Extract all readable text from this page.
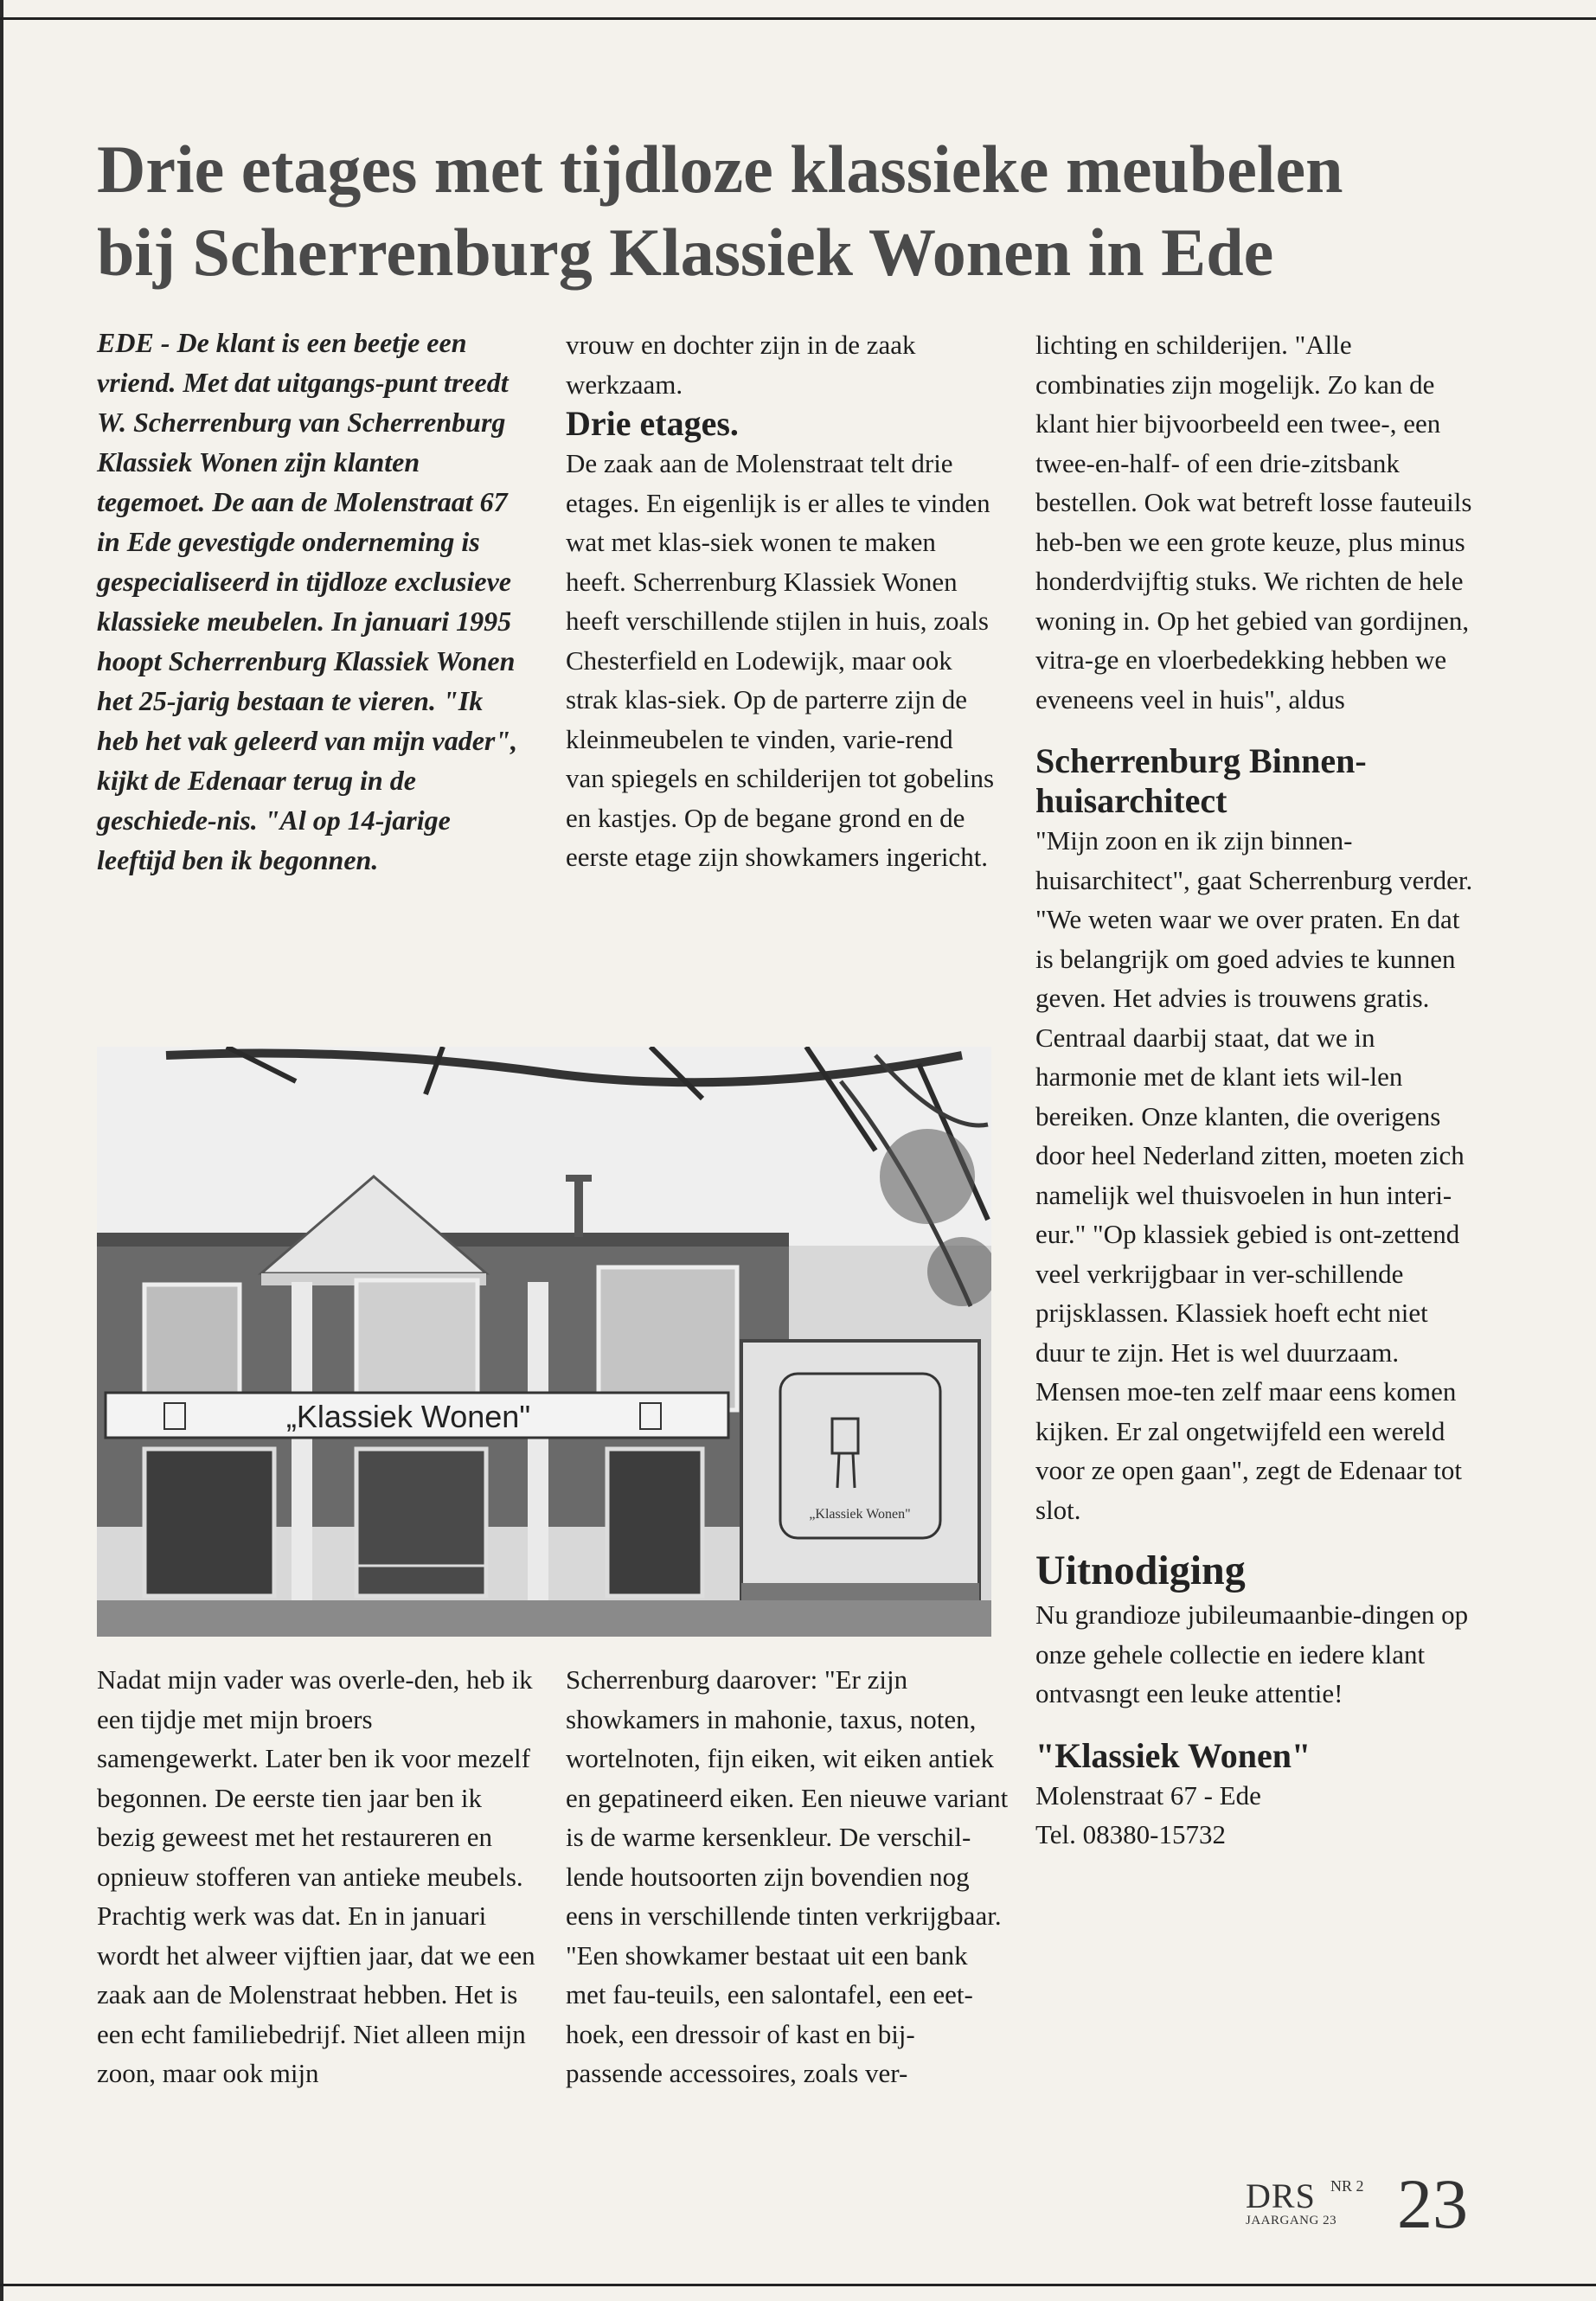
Drie etages met tijdloze klassieke meubelen
bij Scherrenburg Klassiek Wonen in Ede

EDE - De klant is een beetje een vriend. Met dat uitgangs-punt treedt W. Scherrenburg van Scherrenburg Klassiek Wonen zijn klanten tegemoet. De aan de Molenstraat 67 in Ede gevestigde onderneming is gespecialiseerd in tijdloze exclusieve klassieke meubelen. In januari 1995 hoopt Scherrenburg Klassiek Wonen het 25-jarig bestaan te vieren. "Ik heb het vak geleerd van mijn vader", kijkt de Edenaar terug in de geschiede-nis. "Al op 14-jarige leeftijd ben ik begonnen.

Nadat mijn vader was overle-den, heb ik een tijdje met mijn broers samengewerkt. Later ben ik voor mezelf begonnen. De eerste tien jaar ben ik bezig geweest met het restaureren en opnieuw stofferen van antieke meubels. Prachtig werk was dat. En in januari wordt het alweer vijftien jaar, dat we een zaak aan de Molenstraat hebben. Het is een echt familiebedrijf. Niet alleen mijn zoon, maar ook mijn

vrouw en dochter zijn in de zaak werkzaam.

Drie etages.

De zaak aan de Molenstraat telt drie etages. En eigenlijk is er alles te vinden wat met klas-siek wonen te maken heeft. Scherrenburg Klassiek Wonen heeft verschillende stijlen in huis, zoals Chesterfield en Lodewijk, maar ook strak klas-siek. Op de parterre zijn de kleinmeubelen te vinden, varie-rend van spiegels en schilderijen tot gobelins en kastjes. Op de begane grond en de eerste etage zijn showkamers ingericht.

Scherrenburg daarover: "Er zijn showkamers in mahonie, taxus, noten, wortelnoten, fijn eiken, wit eiken antiek en gepatineerd eiken. Een nieuwe variant is de warme kersenkleur. De verschil-lende houtsoorten zijn bovendien nog eens in verschillende tinten verkrijgbaar. "Een showkamer bestaat uit een bank met fau-teuils, een salontafel, een eet-hoek, een dressoir of kast en bij-passende accessoires, zoals ver-

lichting en schilderijen. "Alle combinaties zijn mogelijk. Zo kan de klant hier bijvoorbeeld een twee-, een twee-en-half- of een drie-zitsbank bestellen. Ook wat betreft losse fauteuils heb-ben we een grote keuze, plus minus honderdvijftig stuks. We richten de hele woning in. Op het gebied van gordijnen, vitra-ge en vloerbedekking hebben we eveneens veel in huis", aldus

Scherrenburg Binnen-huisarchitect

"Mijn zoon en ik zijn binnen-huisarchitect", gaat Scherrenburg verder. "We weten waar we over praten. En dat is belangrijk om goed advies te kunnen geven. Het advies is trouwens gratis. Centraal daarbij staat, dat we in harmonie met de klant iets wil-len bereiken. Onze klanten, die overigens door heel Nederland zitten, moeten zich namelijk wel thuisvoelen in hun interi-eur." "Op klassiek gebied is ont-zettend veel verkrijgbaar in ver-schillende prijsklassen. Klassiek hoeft echt niet duur te zijn. Het is wel duurzaam. Mensen moe-ten zelf maar eens komen kijken. Er zal ongetwijfeld een wereld voor ze open gaan", zegt de Edenaar tot slot.

Uitnodiging

Nu grandioze jubileumaanbie-dingen op onze gehele collectie en iedere klant ontvasngt een leuke attentie!

"Klassiek Wonen"

Molenstraat 67 - Ede

Tel. 08380-15732

„Klassiek Wonen"
„Klassiek Wonen"
DRS NR 2
JAARGANG 23 23
